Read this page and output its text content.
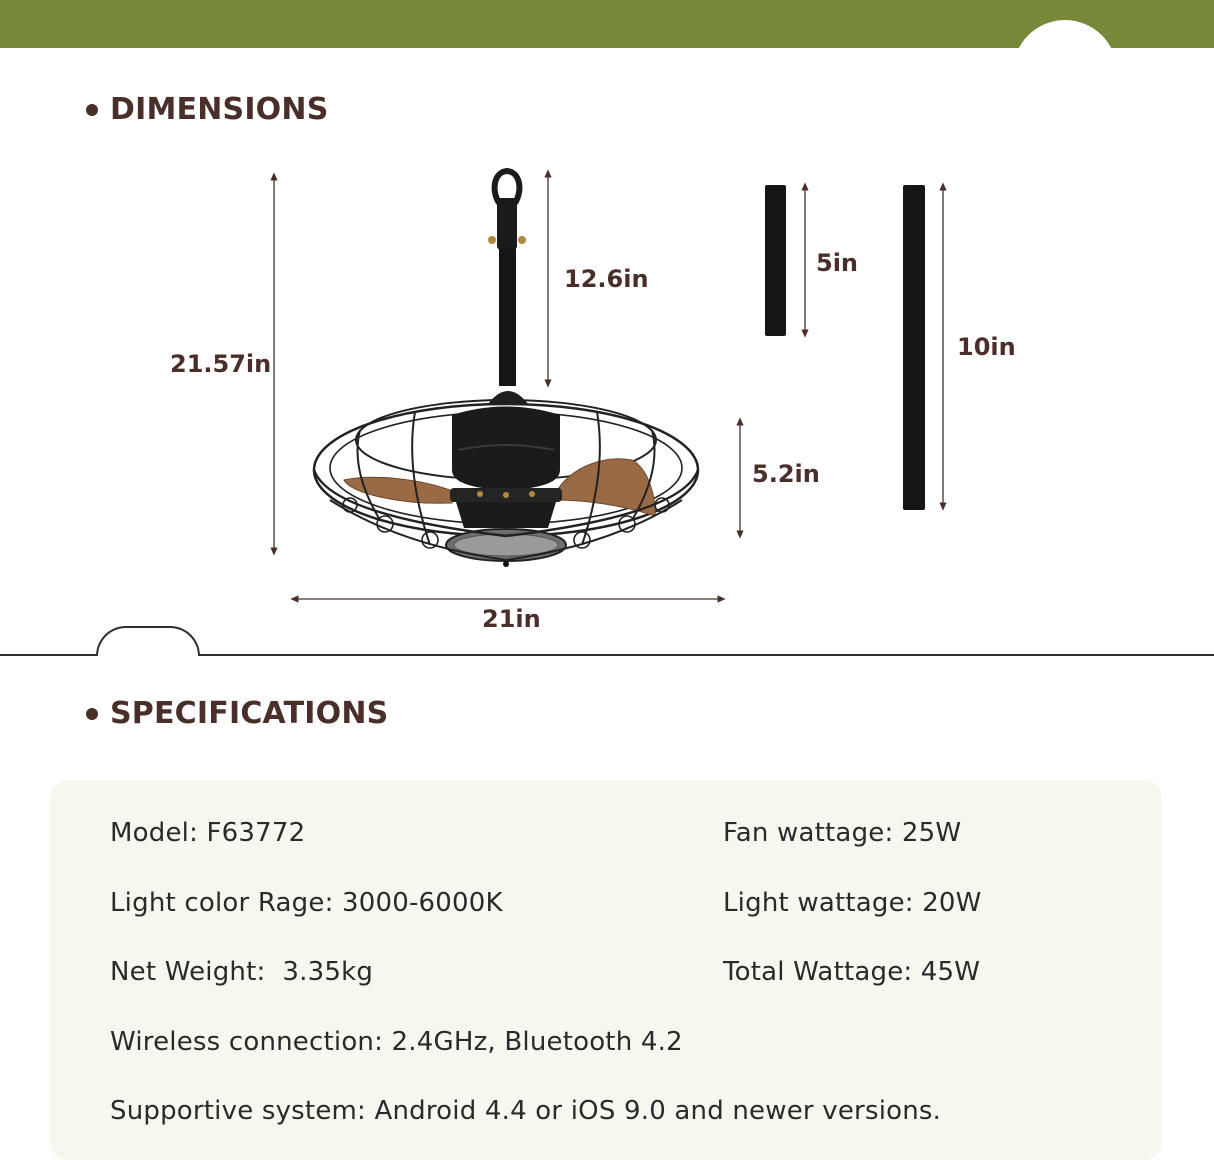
DIMENSIONS
21.57in
12.6in
5.2in
21in
5in
10in
SPECIFICATIONS
Model: F63772	Fan wattage: 25W
Light color Rage: 3000-6000K	Light wattage: 20W
Net Weight:  3.35kg	Total Wattage: 45W
Wireless connection: 2.4GHz, Bluetooth 4.2
Supportive system: Android 4.4 or iOS 9.0 and newer versions.
